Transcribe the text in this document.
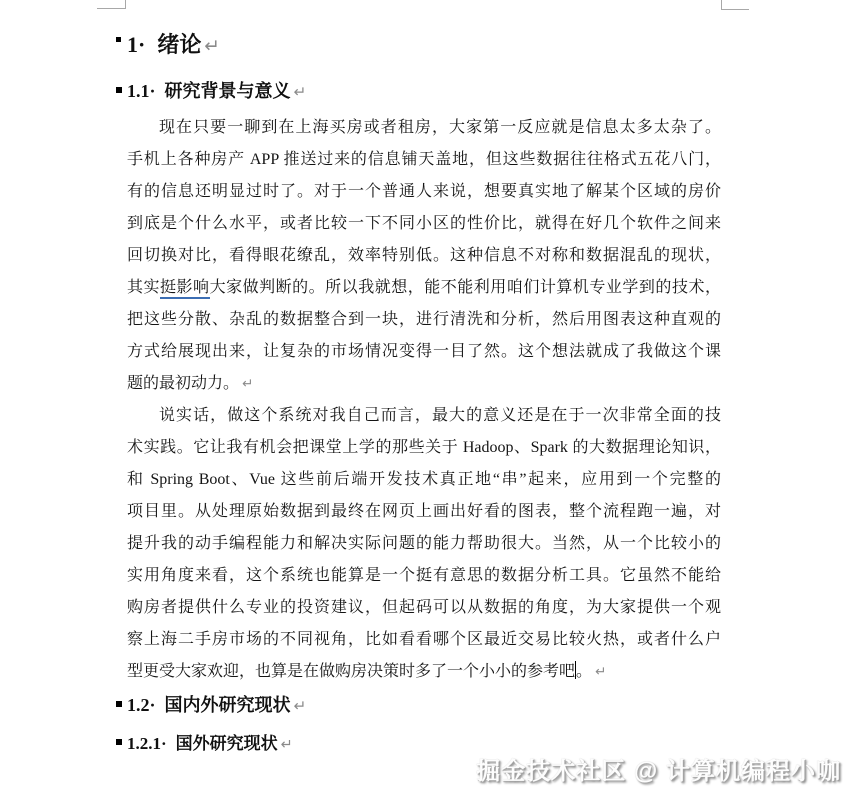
1· 绪论 ↵
1.1· 研究背景与意义 ↵
现在只要一聊到在上海买房或者租房，大家第一反应就是信息太多太杂了。
手机上各种房产 APP 推送过来的信息铺天盖地，但这些数据往往格式五花八门，
有的信息还明显过时了。对于一个普通人来说，想要真实地了解某个区域的房价
到底是个什么水平，或者比较一下不同小区的性价比，就得在好几个软件之间来
回切换对比，看得眼花缭乱，效率特别低。这种信息不对称和数据混乱的现状，
其实挺影响大家做判断的。所以我就想，能不能利用咱们计算机专业学到的技术，
把这些分散、杂乱的数据整合到一块，进行清洗和分析，然后用图表这种直观的
方式给展现出来，让复杂的市场情况变得一目了然。这个想法就成了我做这个课
题的最初动力。 ↵
说实话，做这个系统对我自己而言，最大的意义还是在于一次非常全面的技
术实践。它让我有机会把课堂上学的那些关于 Hadoop、Spark 的大数据理论知识，
和 Spring Boot、Vue 这些前后端开发技术真正地“串”起来，应用到一个完整的
项目里。从处理原始数据到最终在网页上画出好看的图表，整个流程跑一遍，对
提升我的动手编程能力和解决实际问题的能力帮助很大。当然，从一个比较小的
实用角度来看，这个系统也能算是一个挺有意思的数据分析工具。它虽然不能给
购房者提供什么专业的投资建议，但起码可以从数据的角度，为大家提供一个观
察上海二手房市场的不同视角，比如看看哪个区最近交易比较火热，或者什么户
型更受大家欢迎，也算是在做购房决策时多了一个小小的参考吧。 ↵
1.2· 国内外研究现状 ↵
1.2.1· 国外研究现状 ↵
掘金技术社区 @ 计算机编程小咖
